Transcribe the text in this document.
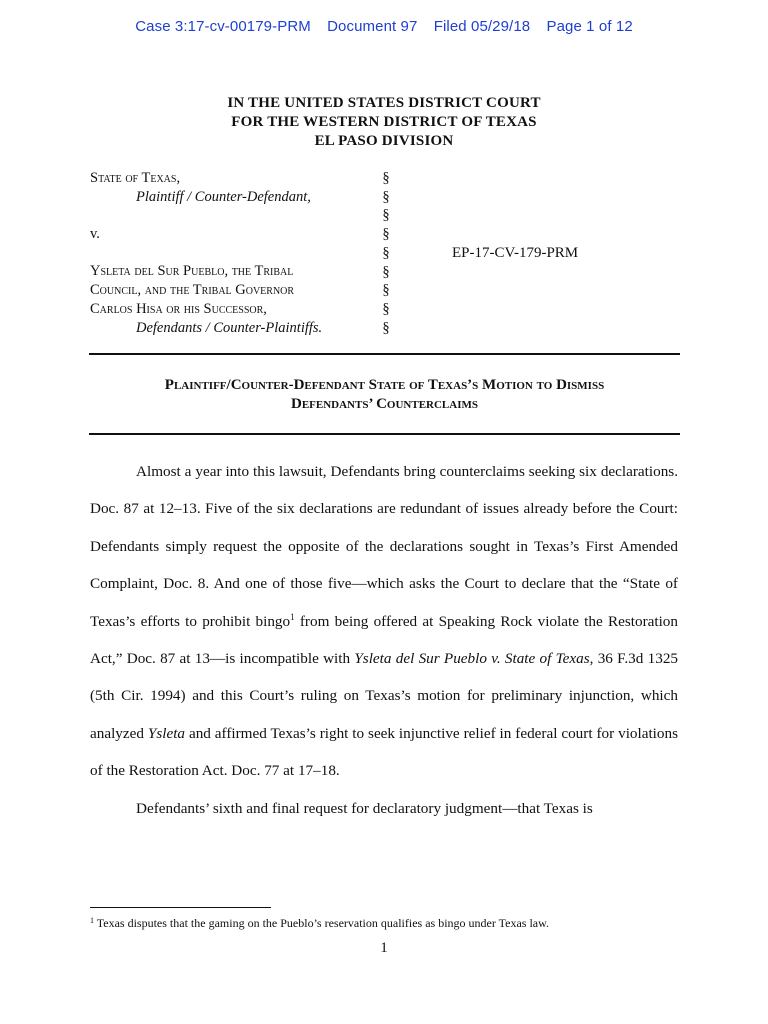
Case 3:17-cv-00179-PRM Document 97 Filed 05/29/18 Page 1 of 12
IN THE UNITED STATES DISTRICT COURT
FOR THE WESTERN DISTRICT OF TEXAS
EL PASO DIVISION
State of Texas,
Plaintiff / Counter-Defendant,
v.
Ysleta del Sur Pueblo, the Tribal
Council, and the Tribal Governor
Carlos Hisa or his Successor,
Defendants / Counter-Plaintiffs.
§
§
§
§
§
§
§
§
§
EP-17-CV-179-PRM
Plaintiff/Counter-Defendant State of Texas’s Motion to Dismiss
Defendants’ Counterclaims

Almost a year into this lawsuit, Defendants bring counterclaims seeking six declarations. Doc. 87 at 12–13. Five of the six declarations are redundant of issues already before the Court: Defendants simply request the opposite of the declarations sought in Texas’s First Amended Complaint, Doc. 8. And one of those five—which asks the Court to declare that the “State of Texas’s efforts to prohibit bingo$^1$ from being offered at Speaking Rock violate the Restoration Act,” Doc. 87 at 13—is incompatible with Ysleta del Sur Pueblo v. State of Texas, 36 F.3d 1325 (5th Cir. 1994) and this Court’s ruling on Texas’s motion for preliminary injunction, which analyzed Ysleta and affirmed Texas’s right to seek injunctive relief in federal court for violations of the Restoration Act. Doc. 77 at 17–18.

Defendants’ sixth and final request for declaratory judgment—that Texas is

$^1$ Texas disputes that the gaming on the Pueblo’s reservation qualifies as bingo under Texas law.
1
